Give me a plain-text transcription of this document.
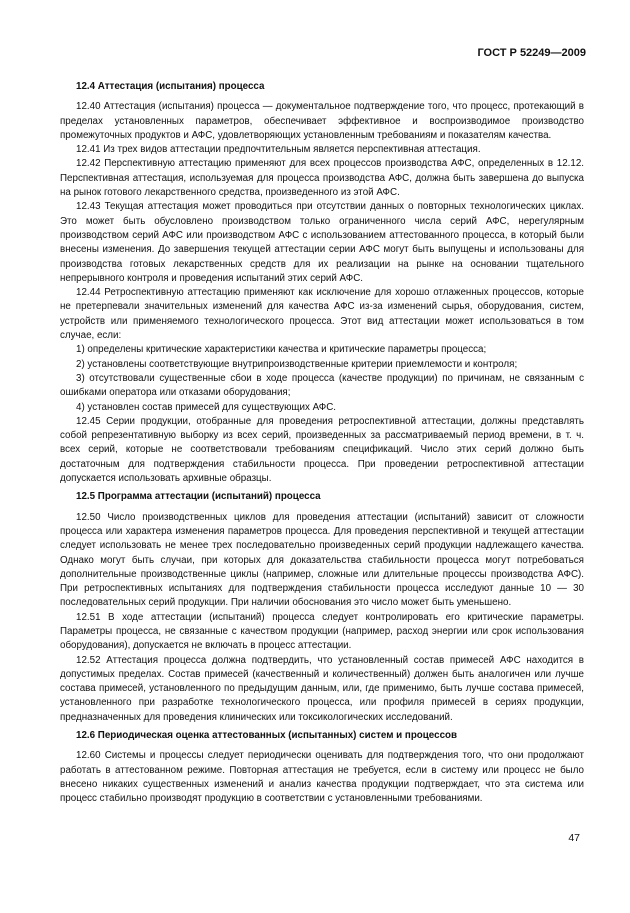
ГОСТ Р 52249—2009
12.4 Аттестация (испытания) процесса

12.40 Аттестация (испытания) процесса — документальное подтверждение того, что процесс, протекающий в пределах установленных параметров, обеспечивает эффективное и воспроизводимое производство промежуточных продуктов и АФС, удовлетворяющих установленным требованиям и показателям качества.

12.41 Из трех видов аттестации предпочтительным является перспективная аттестация.

12.42 Перспективную аттестацию применяют для всех процессов производства АФС, определенных в 12.12. Перспективная аттестация, используемая для процесса производства АФС, должна быть завершена до выпуска на рынок готового лекарственного средства, произведенного из этой АФС.

12.43 Текущая аттестация может проводиться при отсутствии данных о повторных технологических циклах. Это может быть обусловлено производством только ограниченного числа серий АФС, нерегулярным производством серий АФС или производством АФС с использованием аттестованного процесса, в который были внесены изменения. До завершения текущей аттестации серии АФС могут быть выпущены и использованы для производства готовых лекарственных средств для их реализации на рынке на основании тщательного непрерывного контроля и проведения испытаний этих серий АФС.

12.44 Ретроспективную аттестацию применяют как исключение для хорошо отлаженных процессов, которые не претерпевали значительных изменений для качества АФС из-за изменений сырья, оборудования, систем, устройств или применяемого технологического процесса. Этот вид аттестации может использоваться в том случае, если:

1) определены критические характеристики качества и критические параметры процесса;

2) установлены соответствующие внутрипроизводственные критерии приемлемости и контроля;

3) отсутствовали существенные сбои в ходе процесса (качестве продукции) по причинам, не связанным с ошибками оператора или отказами оборудования;

4) установлен состав примесей для существующих АФС.

12.45 Серии продукции, отобранные для проведения ретроспективной аттестации, должны представлять собой репрезентативную выборку из всех серий, произведенных за рассматриваемый период времени, в т. ч. всех серий, которые не соответствовали требованиям спецификаций. Число этих серий должно быть достаточным для подтверждения стабильности процесса. При проведении ретроспективной аттестации допускается использовать архивные образцы.

12.5 Программа аттестации (испытаний) процесса

12.50 Число производственных циклов для проведения аттестации (испытаний) зависит от сложности процесса или характера изменения параметров процесса. Для проведения перспективной и текущей аттестации следует использовать не менее трех последовательно произведенных серий продукции надлежащего качества. Однако могут быть случаи, при которых для доказательства стабильности процесса могут потребоваться дополнительные производственные циклы (например, сложные или длительные процессы производства АФС). При ретроспективных испытаниях для подтверждения стабильности процесса исследуют данные 10 — 30 последовательных серий продукции. При наличии обоснования это число может быть уменьшено.

12.51 В ходе аттестации (испытаний) процесса следует контролировать его критические параметры. Параметры процесса, не связанные с качеством продукции (например, расход энергии или срок использования оборудования), допускается не включать в процесс аттестации.

12.52 Аттестация процесса должна подтвердить, что установленный состав примесей АФС находится в допустимых пределах. Состав примесей (качественный и количественный) должен быть аналогичен или лучше состава примесей, установленного по предыдущим данным, или, где применимо, быть лучше состава примесей, установленного при разработке технологического процесса, или профиля примесей в сериях продукции, предназначенных для проведения клинических или токсикологических исследований.

12.6 Периодическая оценка аттестованных (испытанных) систем и процессов

12.60 Системы и процессы следует периодически оценивать для подтверждения того, что они продолжают работать в аттестованном режиме. Повторная аттестация не требуется, если в систему или процесс не было внесено никаких существенных изменений и анализ качества продукции подтверждает, что эта система или процесс стабильно производят продукцию в соответствии с установленными требованиями.

47
